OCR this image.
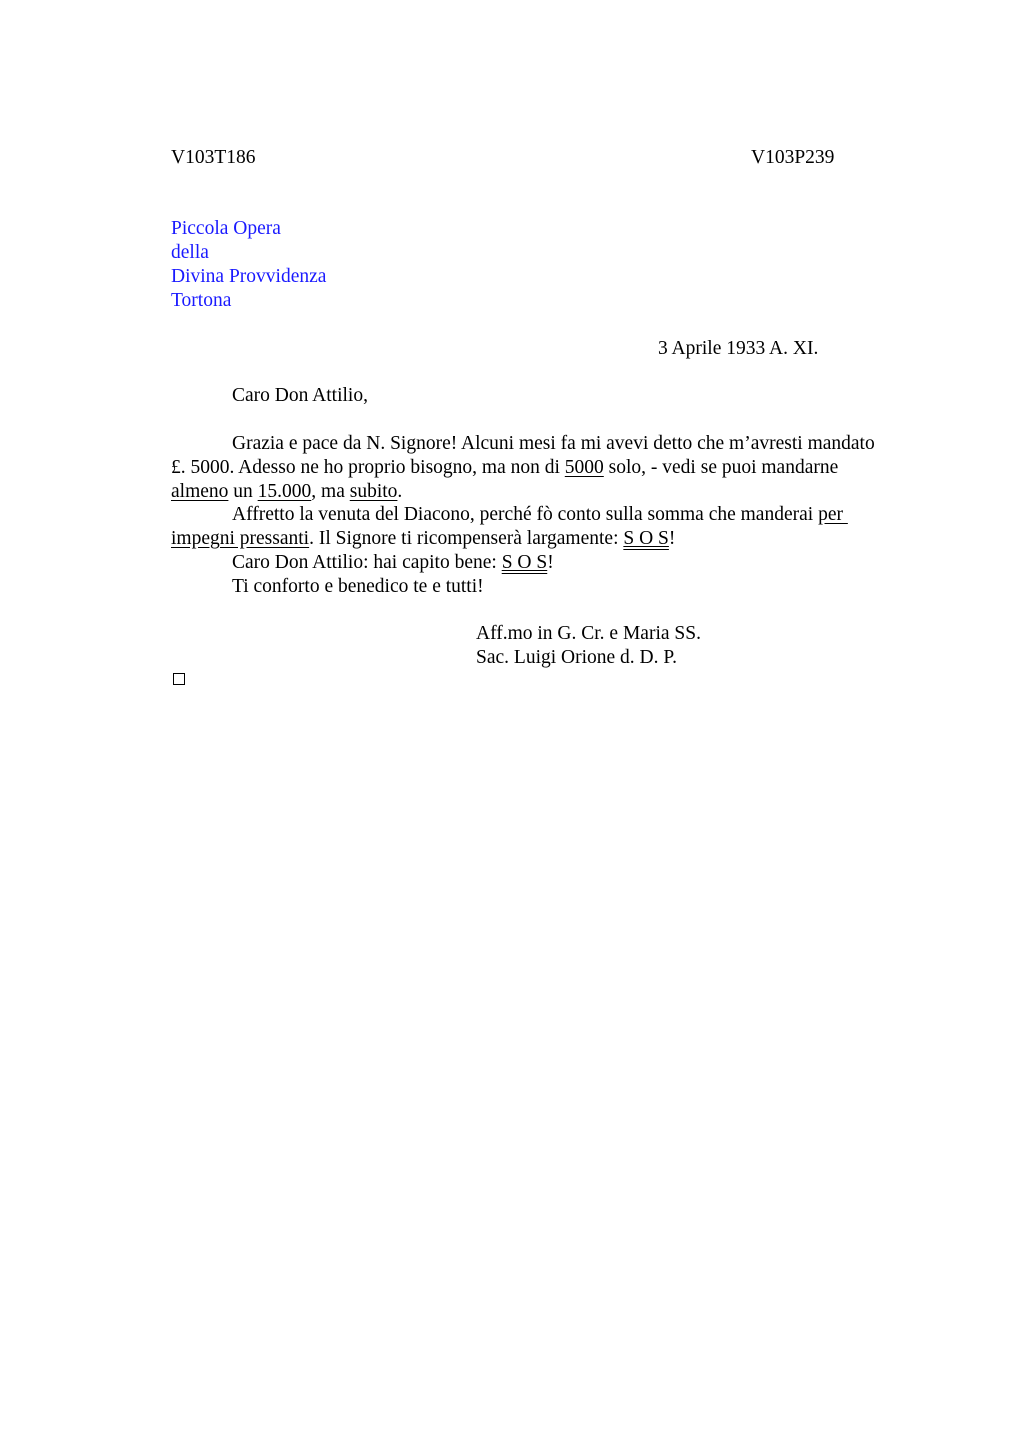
V103T186	V103P239
Piccola Opera
della
Divina Provvidenza
Tortona
3 Aprile 1933 A. XI.
Caro Don Attilio,
Grazia e pace da N. Signore! Alcuni mesi fa mi avevi detto che m’avresti mandato
£. 5000. Adesso ne ho proprio bisogno, ma non di 5000 solo, - vedi se puoi mandarne
almeno un 15.000, ma subito.
Affretto la venuta del Diacono, perché fò conto sulla somma che manderai per
impegni pressanti. Il Signore ti ricompenserà largamente: S O S!
Caro Don Attilio: hai capito bene: S O S!
Ti conforto e benedico te e tutti!
Aff.mo in G. Cr. e Maria SS.
Sac. Luigi Orione d. D. P.
